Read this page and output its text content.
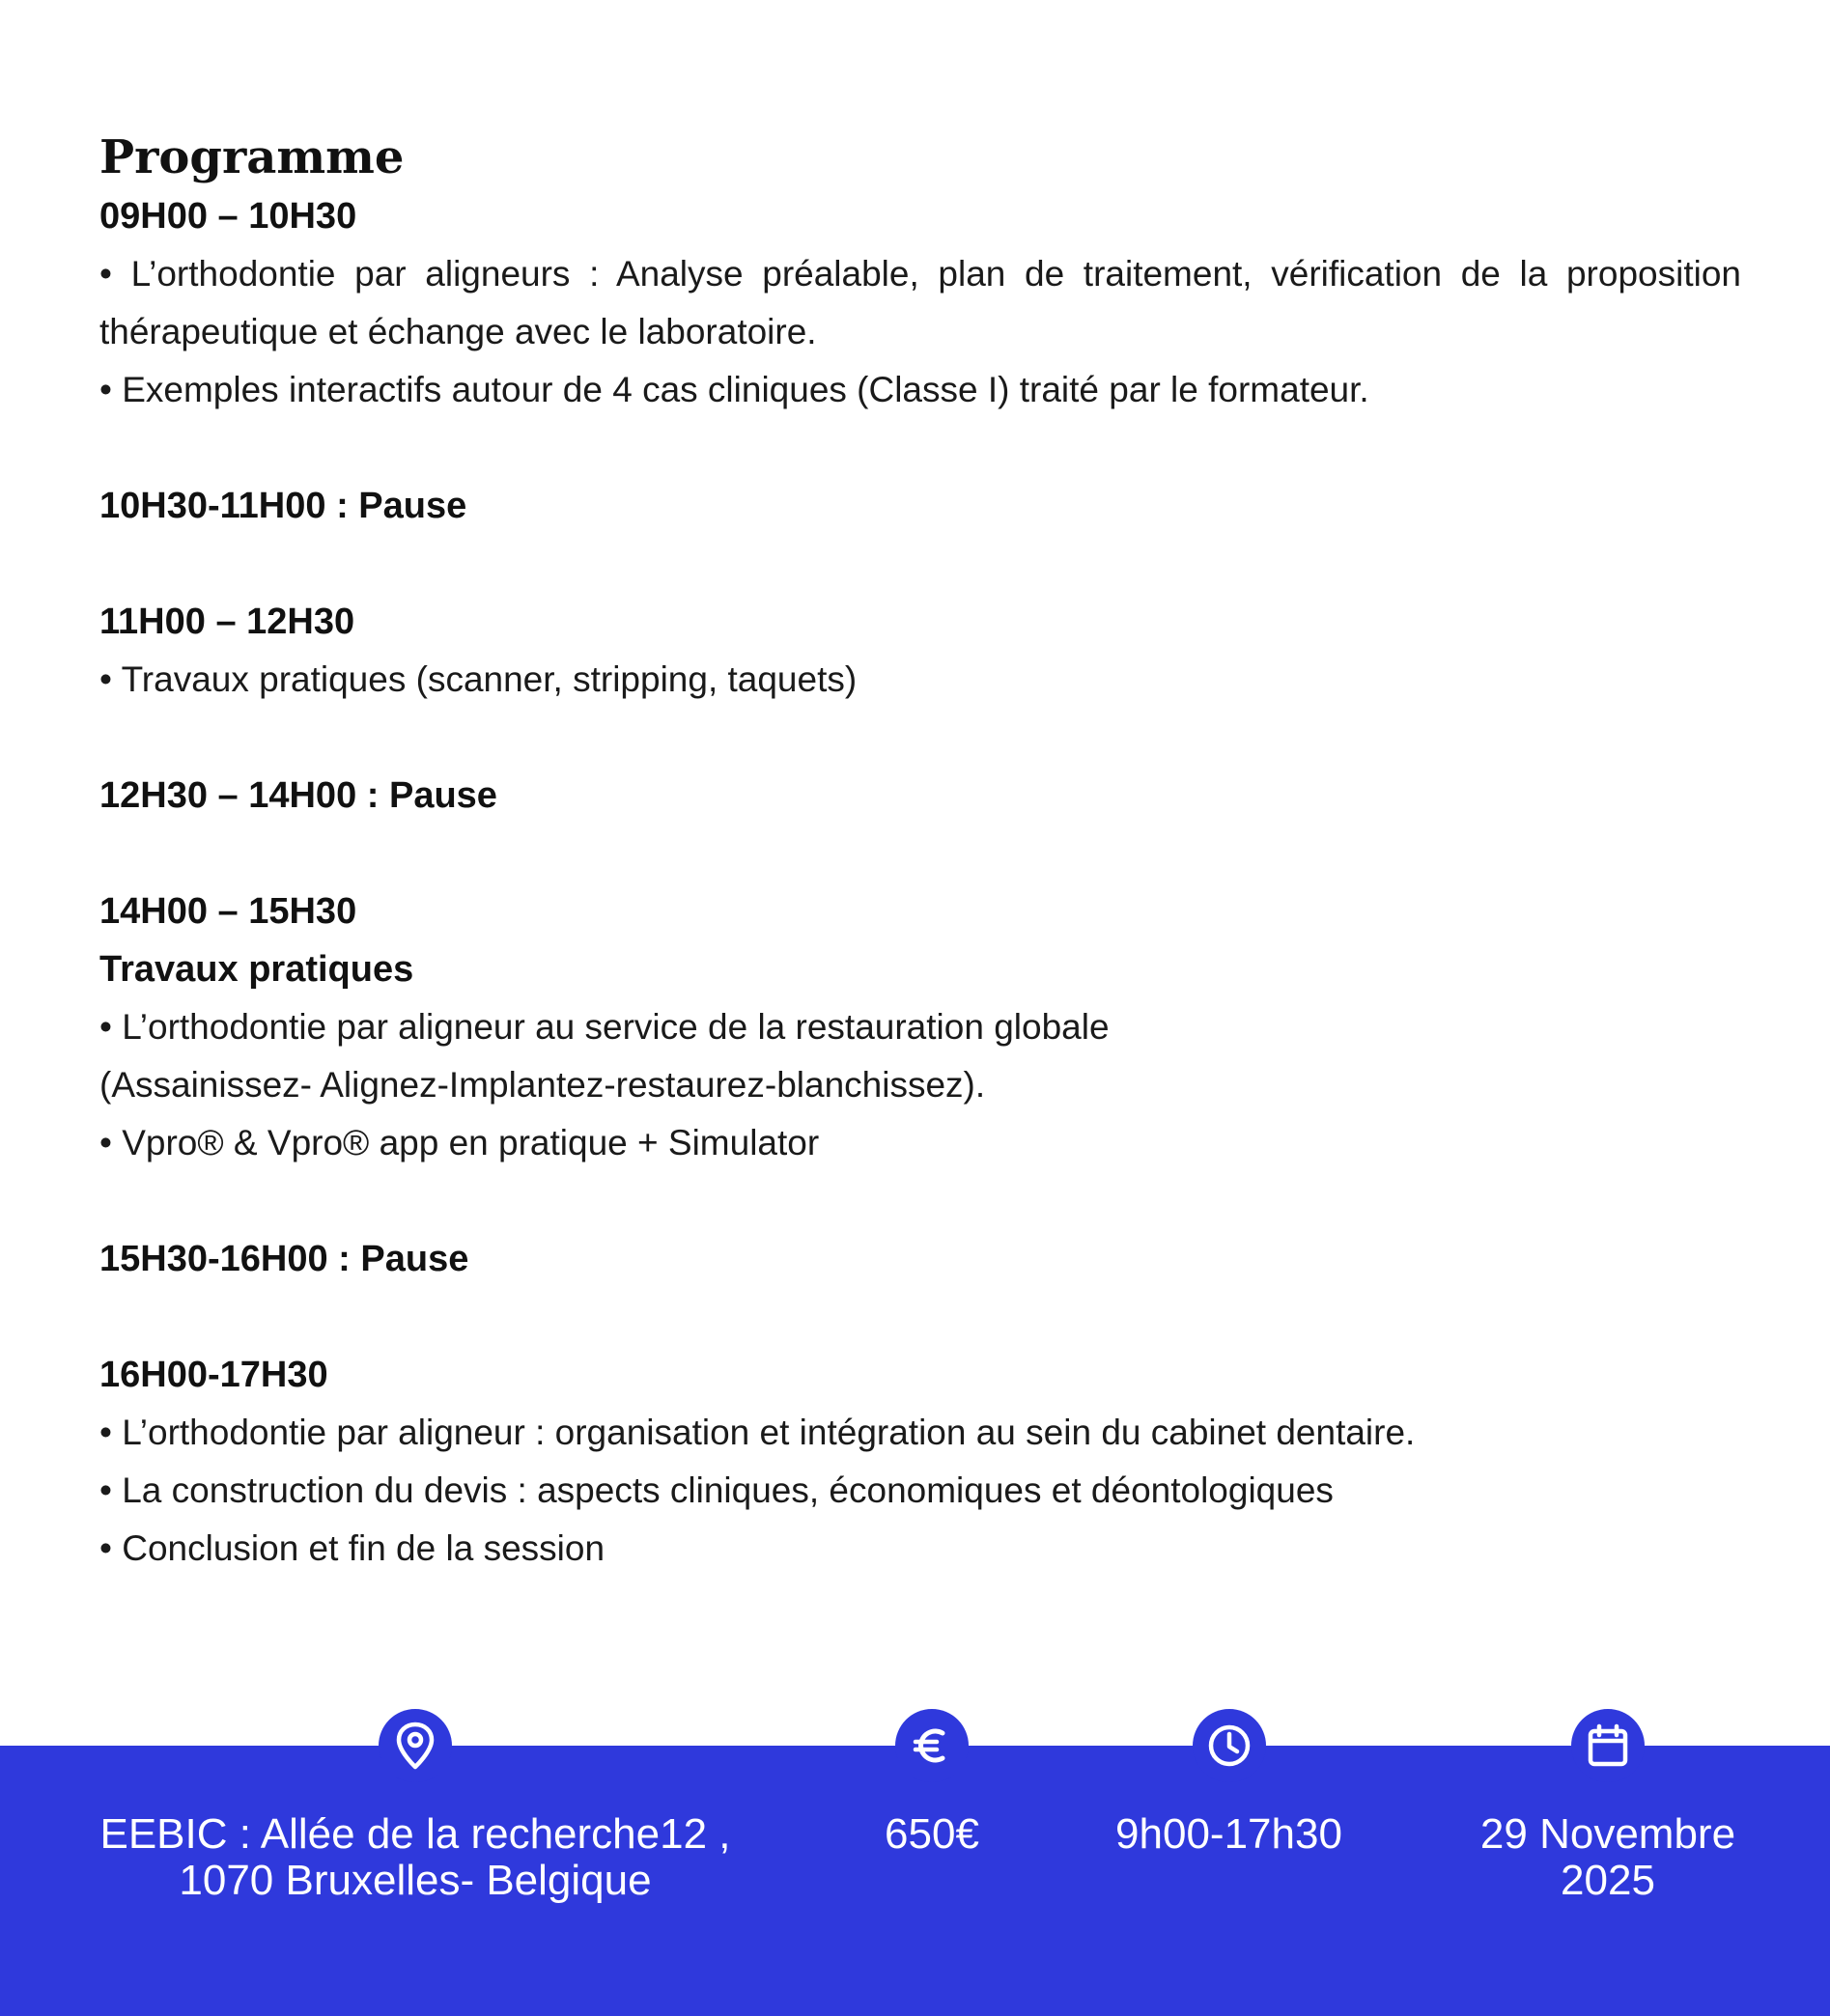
Programme
09H00 – 10H30
• L’orthodontie par aligneurs : Analyse préalable, plan de traitement, vérification de la proposition thérapeutique et échange avec le laboratoire.
• Exemples interactifs autour de 4 cas cliniques (Classe I) traité par le formateur.
10H30-11H00 : Pause
11H00 – 12H30
• Travaux pratiques (scanner, stripping, taquets)
12H30 – 14H00 : Pause
14H00 – 15H30
Travaux pratiques
• L’orthodontie par aligneur au service de la restauration globale
(Assainissez- Alignez-Implantez-restaurez-blanchissez).
• Vpro® & Vpro® app en pratique + Simulator
15H30-16H00 : Pause
16H00-17H30
• L’orthodontie par aligneur : organisation et intégration au sein du cabinet dentaire.
• La construction du devis : aspects cliniques, économiques et déontologiques
• Conclusion et fin de la session
EEBIC : Allée de la recherche12 ,
1070 Bruxelles- Belgique
650€	9h00-17h30	29 Novembre
2025
